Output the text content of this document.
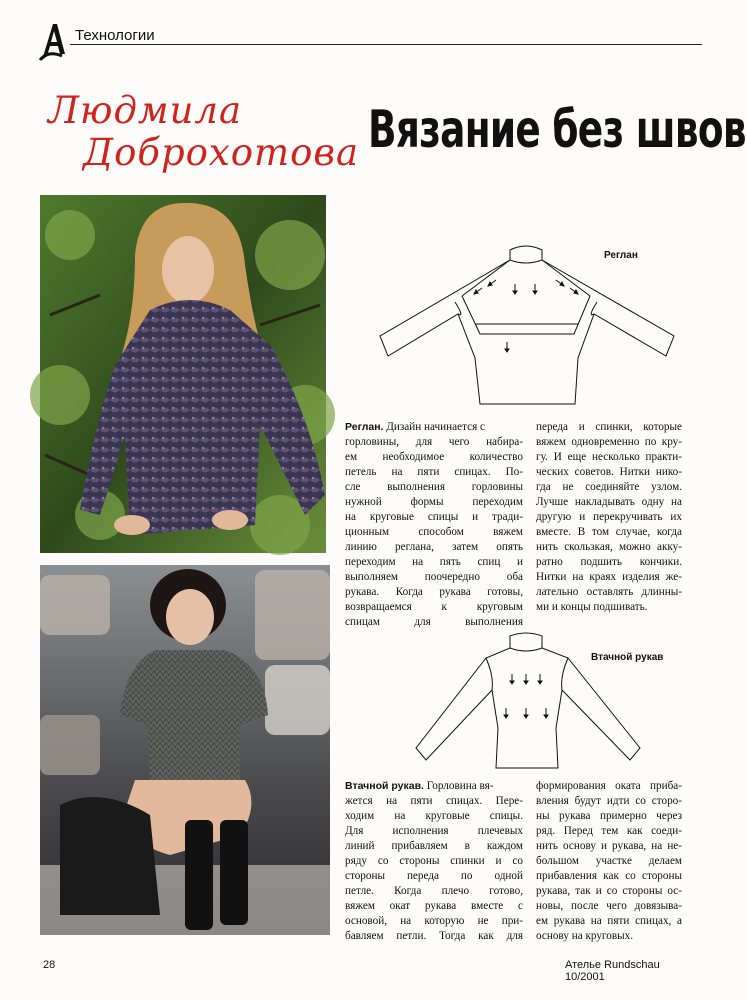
Технологии
Людмила
Доброхотова Вязание без швов
Реглан
Втачной рукав
Реглан. Дизайн начинается с
горловины, для чего набира-
ем необходимое количество
петель на пяти спицах. По-
сле выполнения горловины
нужной формы переходим
на круговые спицы и тради-
ционным способом вяжем
линию реглана, затем опять
переходим на пять спиц и
выполняем поочередно оба
рукава. Когда рукава готовы,
возвращаемся к круговым
спицам для выполнения
переда и спинки, которые
вяжем одновременно по кру-
гу. И еще несколько практи-
ческих советов. Нитки нико-
гда не соединяйте узлом.
Лучше накладывать одну на
другую и перекручивать их
вместе. В том случае, когда
нить скользкая, можно акку-
ратно подшить кончики.
Нитки на краях изделия же-
лательно оставлять длинны-
ми и концы подшивать.
Втачной рукав. Горловина вя-
жется на пяти спицах. Пере-
ходим на круговые спицы.
Для исполнения плечевых
линий прибавляем в каждом
ряду со стороны спинки и со
стороны переда по одной
петле. Когда плечо готово,
вяжем окат рукава вместе с
основой, на которую не при-
бавляем петли. Тогда как для
формирования оката прибa-
вления будут идти со сторо-
ны рукава примерно через
ряд. Перед тем как соеди-
нить основу и рукава, на не-
большом участке делаем
прибавления как со стороны
рукава, так и со стороны ос-
новы, после чего довязыва-
ем рукава на пяти спицах, а
основу на круговых.
28	Ателье Rundschau 10/2001
